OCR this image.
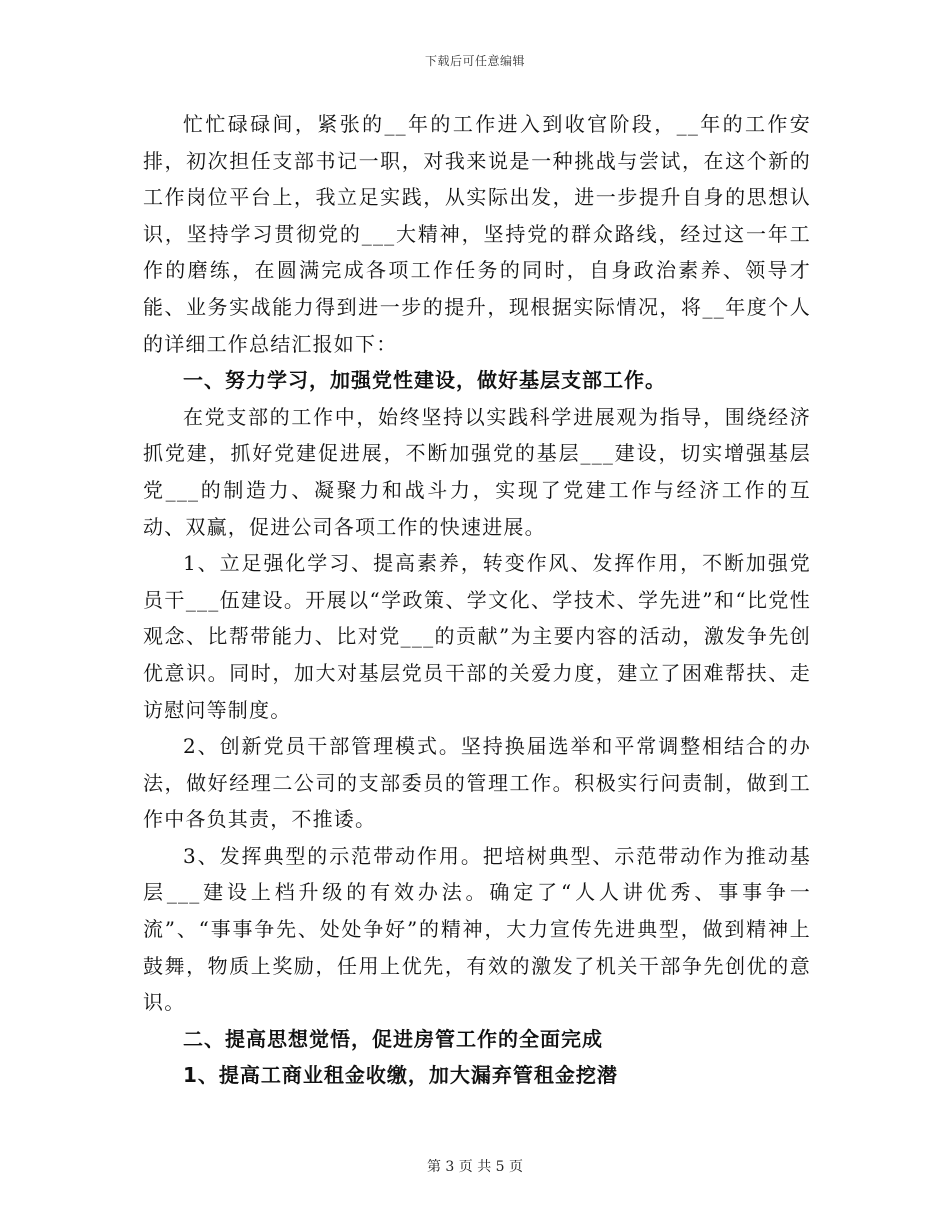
下载后可任意编辑

忙忙碌碌间，紧张的__年的工作进入到收官阶段，__年的工作安排，初次担任支部书记一职，对我来说是一种挑战与尝试，在这个新的工作岗位平台上，我立足实践，从实际出发，进一步提升自身的思想认识，坚持学习贯彻党的___大精神，坚持党的群众路线，经过这一年工作的磨练，在圆满完成各项工作任务的同时，自身政治素养、领导才能、业务实战能力得到进一步的提升，现根据实际情况，将__年度个人的详细工作总结汇报如下：

一、努力学习，加强党性建设，做好基层支部工作。

在党支部的工作中，始终坚持以实践科学进展观为指导，围绕经济抓党建，抓好党建促进展，不断加强党的基层___建设，切实增强基层党___的制造力、凝聚力和战斗力，实现了党建工作与经济工作的互动、双赢，促进公司各项工作的快速进展。

1、立足强化学习、提高素养，转变作风、发挥作用，不断加强党员干___伍建设。开展以“学政策、学文化、学技术、学先进”和“比党性观念、比帮带能力、比对党___的贡献”为主要内容的活动，激发争先创优意识。同时，加大对基层党员干部的关爱力度，建立了困难帮扶、走访慰问等制度。

2、创新党员干部管理模式。坚持换届选举和平常调整相结合的办法，做好经理二公司的支部委员的管理工作。积极实行问责制，做到工作中各负其责，不推诿。

3、发挥典型的示范带动作用。把培树典型、示范带动作为推动基层___建设上档升级的有效办法。确定了“人人讲优秀、事事争一流”、“事事争先、处处争好”的精神，大力宣传先进典型，做到精神上鼓舞，物质上奖励，任用上优先，有效的激发了机关干部争先创优的意识。

二、提高思想觉悟，促进房管工作的全面完成

1、提高工商业租金收缴，加大漏弃管租金挖潜

第 3 页 共 5 页
